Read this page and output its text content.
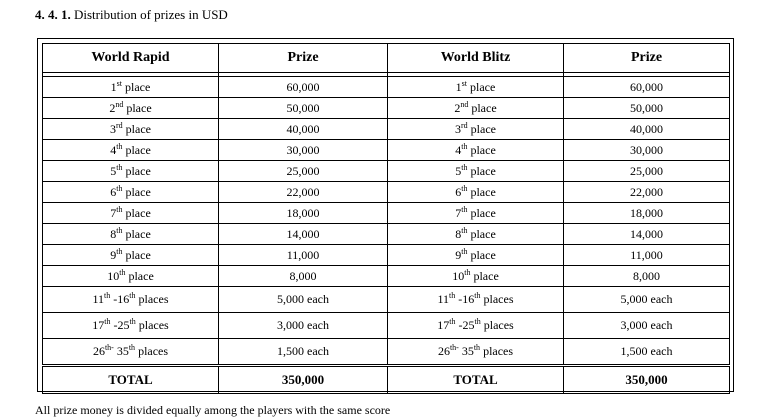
4. 4. 1. Distribution of prizes in USD
World Rapid	Prize	World Blitz	Prize

1st place	60,000	1st place	60,000
2nd place	50,000	2nd place	50,000
3rd place	40,000	3rd place	40,000
4th place	30,000	4th place	30,000
5th place	25,000	5th place	25,000
6th place	22,000	6th place	22,000
7th place	18,000	7th place	18,000
8th place	14,000	8th place	14,000
9th place	11,000	9th place	11,000
10th place	8,000	10th place	8,000
11th -16th places	5,000 each	11th -16th places	5,000 each
17th -25th places	3,000 each	17th -25th places	3,000 each
$26^{th-}$ 35th places	1,500 each	$26^{th-}$ 35th places	1,500 each
TOTAL	350,000	TOTAL	350,000
All prize money is divided equally among the players with the same score
